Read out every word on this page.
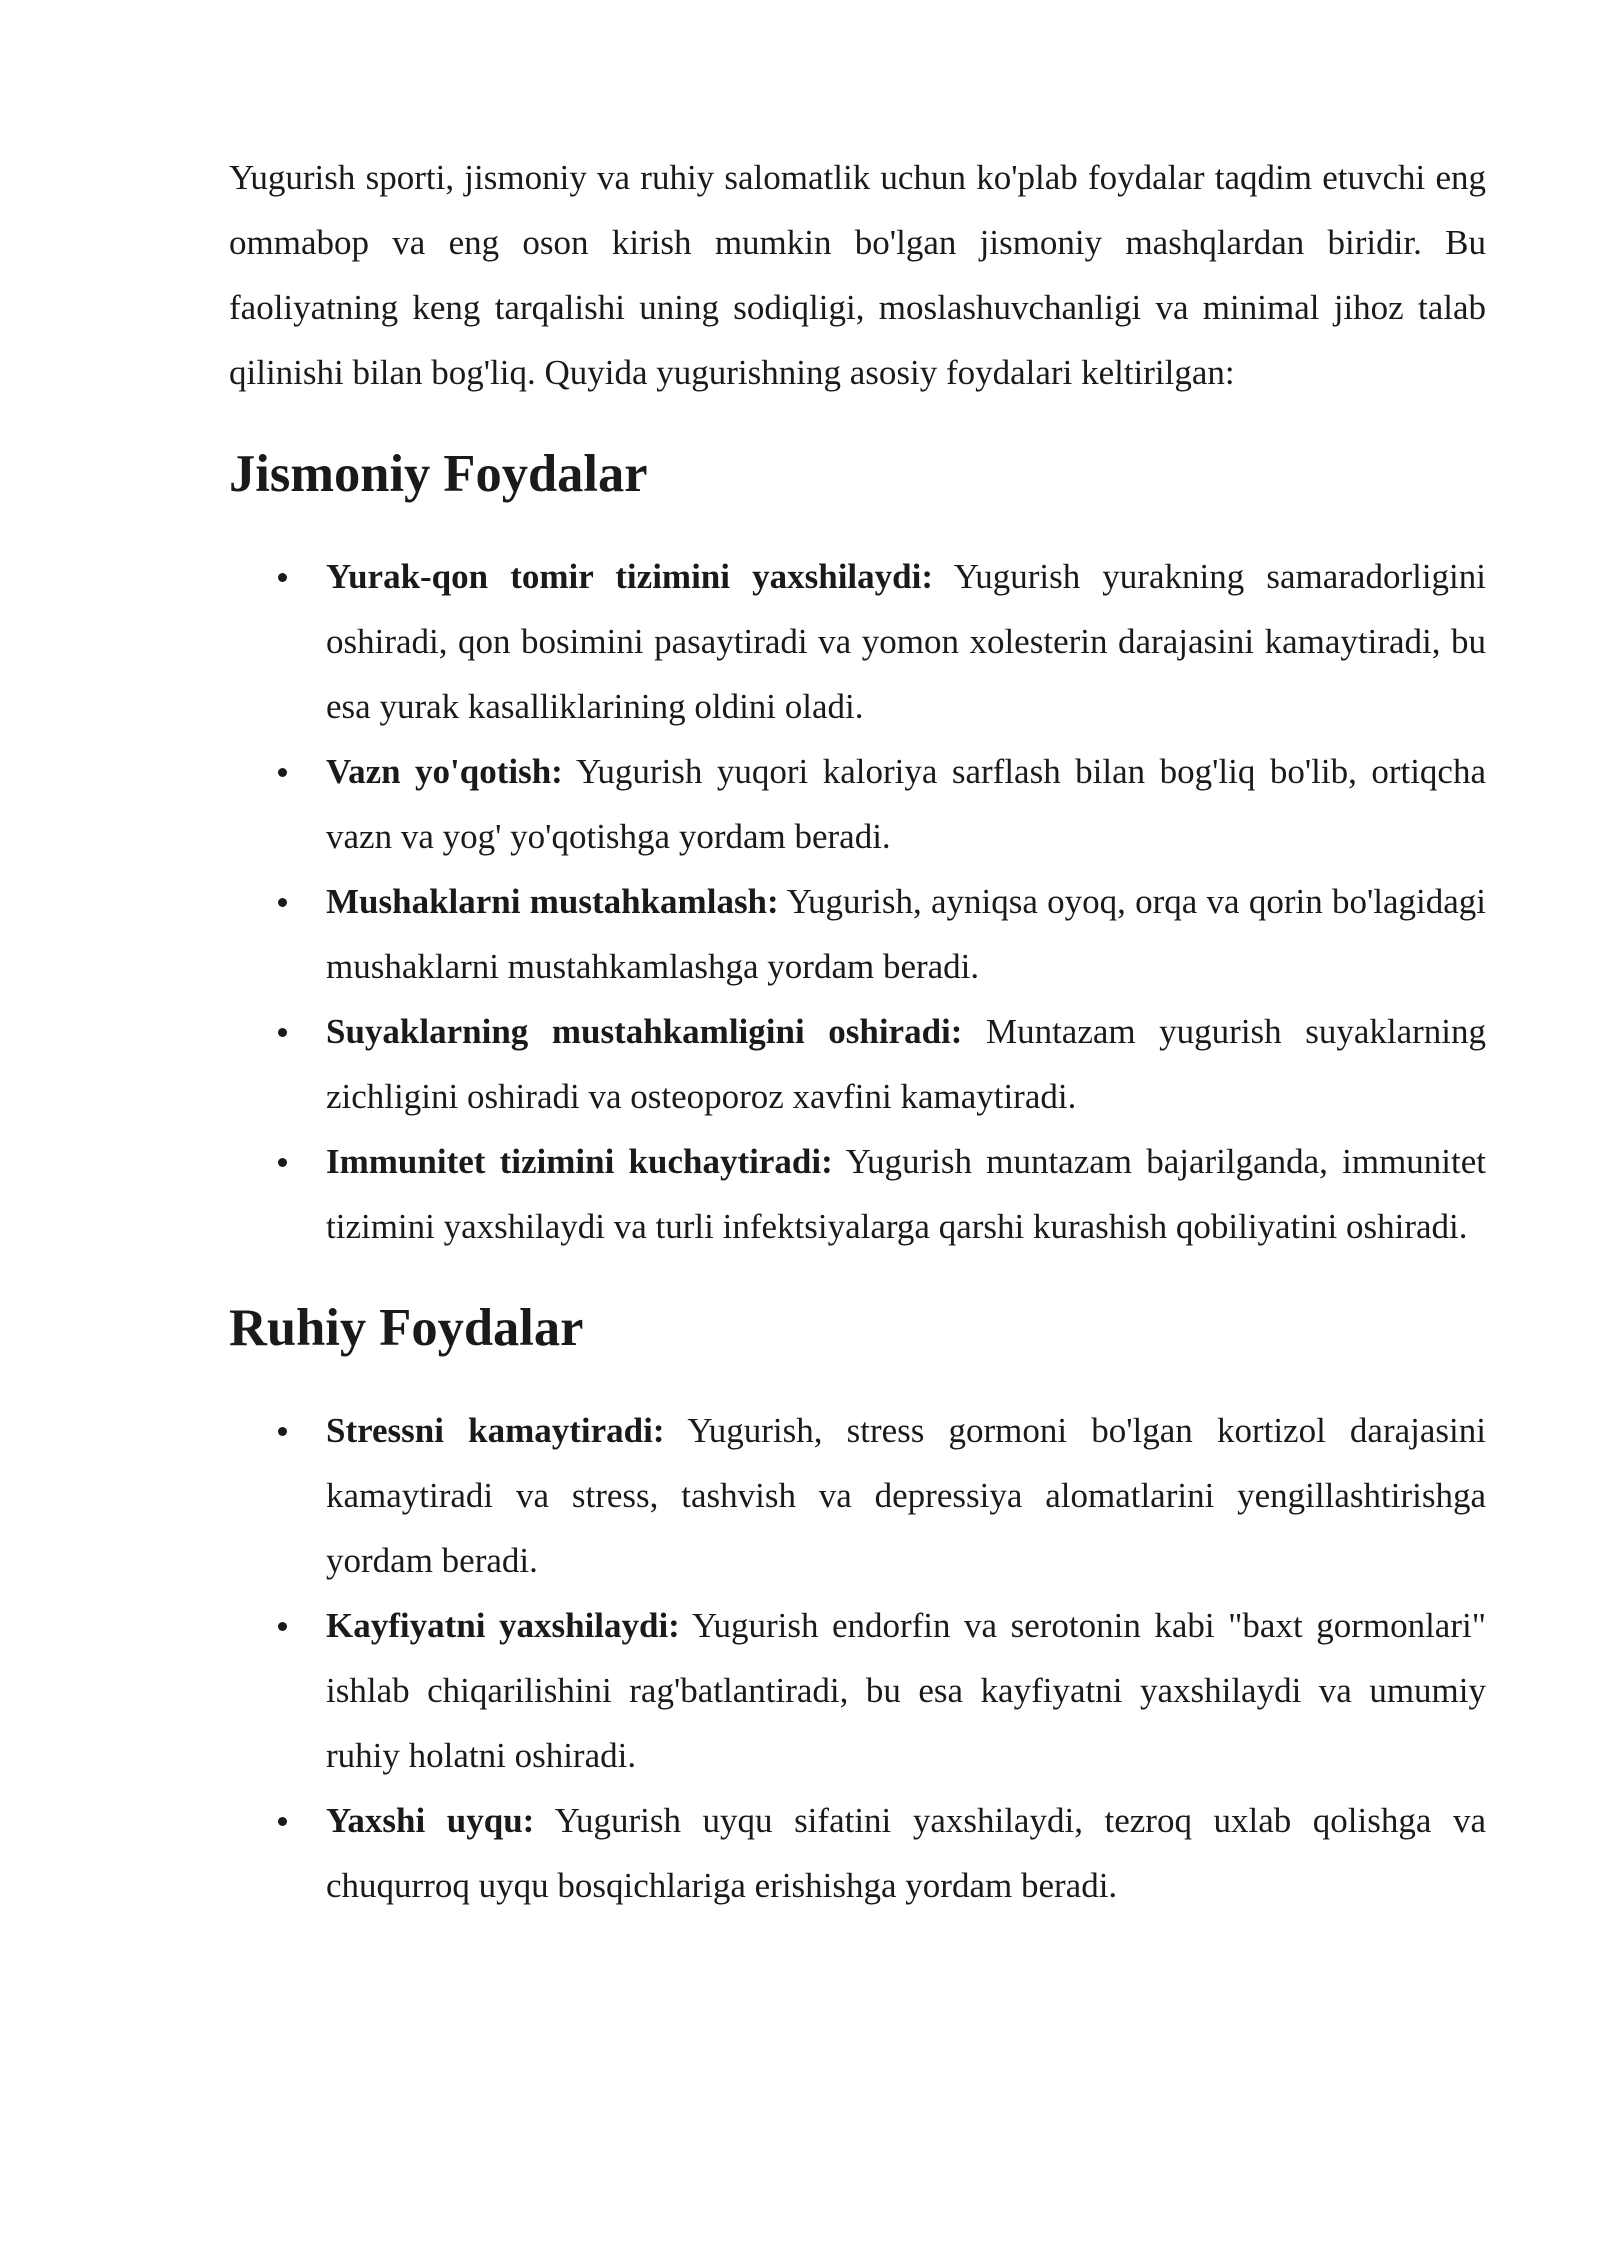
Yugurish sporti, jismoniy va ruhiy salomatlik uchun ko'plab foydalar taqdim etuvchi eng ommabop va eng oson kirish mumkin bo'lgan jismoniy mashqlardan biridir. Bu faoliyatning keng tarqalishi uning sodiqligi, moslashuvchanligi va minimal jihoz talab qilinishi bilan bog'liq. Quyida yugurishning asosiy foydalari keltirilgan:

Jismoniy Foydalar
Yurak-qon tomir tizimini yaxshilaydi: Yugurish yurakning samaradorligini oshiradi, qon bosimini pasaytiradi va yomon xolesterin darajasini kamaytiradi, bu esa yurak kasalliklarining oldini oladi.
Vazn yo'qotish: Yugurish yuqori kaloriya sarflash bilan bog'liq bo'lib, ortiqcha vazn va yog' yo'qotishga yordam beradi.
Mushaklarni mustahkamlash: Yugurish, ayniqsa oyoq, orqa va qorin bo'lagidagi mushaklarni mustahkamlashga yordam beradi.
Suyaklarning mustahkamligini oshiradi: Muntazam yugurish suyaklarning zichligini oshiradi va osteoporoz xavfini kamaytiradi.
Immunitet tizimini kuchaytiradi: Yugurish muntazam bajarilganda, immunitet tizimini yaxshilaydi va turli infektsiyalarga qarshi kurashish qobiliyatini oshiradi.
Ruhiy Foydalar
Stressni kamaytiradi: Yugurish, stress gormoni bo'lgan kortizol darajasini kamaytiradi va stress, tashvish va depressiya alomatlarini yengillashtirishga yordam beradi.
Kayfiyatni yaxshilaydi: Yugurish endorfin va serotonin kabi "baxt gormonlari" ishlab chiqarilishini rag'batlantiradi, bu esa kayfiyatni yaxshilaydi va umumiy ruhiy holatni oshiradi.
Yaxshi uyqu: Yugurish uyqu sifatini yaxshilaydi, tezroq uxlab qolishga va chuqurroq uyqu bosqichlariga erishishga yordam beradi.
